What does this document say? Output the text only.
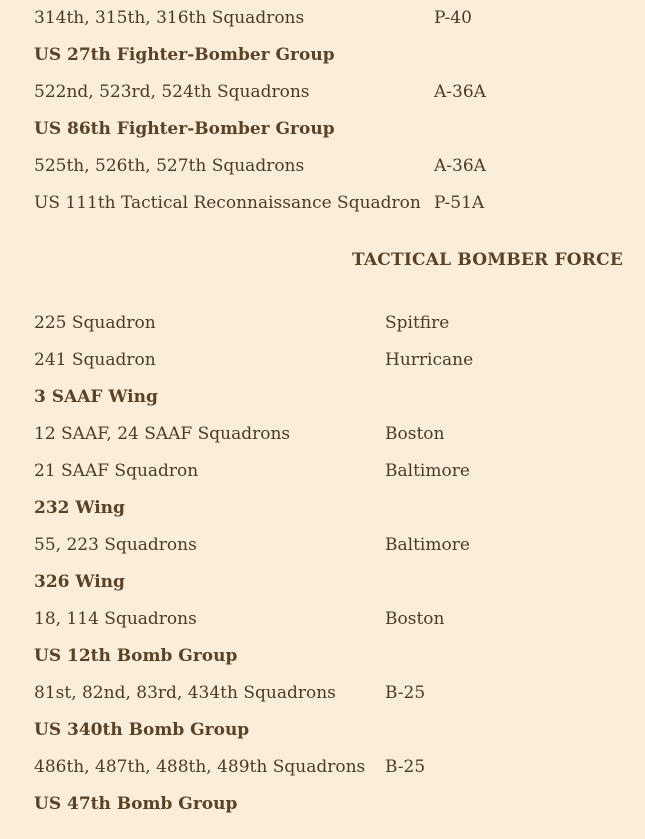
314th, 315th, 316th Squadrons	P-40
US 27th Fighter-Bomber Group
522nd, 523rd, 524th Squadrons	A-36A
US 86th Fighter-Bomber Group
525th, 526th, 527th Squadrons	A-36A
US 111th Tactical Reconnaissance Squadron P-51A
TACTICAL BOMBER FORCE
225 Squadron	Spitfire
241 Squadron	Hurricane
3 SAAF Wing
12 SAAF, 24 SAAF Squadrons	Boston
21 SAAF Squadron	Baltimore
232 Wing
55, 223 Squadrons	Baltimore
326 Wing
18, 114 Squadrons	Boston
US 12th Bomb Group
81st, 82nd, 83rd, 434th Squadrons	B-25
US 340th Bomb Group
486th, 487th, 488th, 489th Squadrons B-25
US 47th Bomb Group
